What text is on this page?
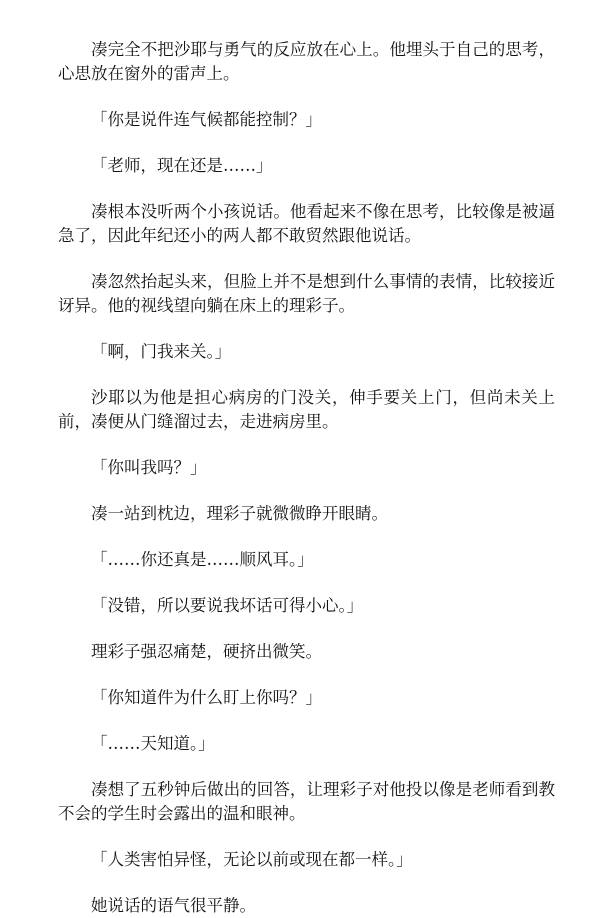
凑完全不把沙耶与勇气的反应放在心上。他埋头于自己的思考，心思放在窗外的雷声上。

「你是说件连气候都能控制？」

「老师，现在还是……」

凑根本没听两个小孩说话。他看起来不像在思考，比较像是被逼急了，因此年纪还小的两人都不敢贸然跟他说话。

凑忽然抬起头来，但脸上并不是想到什么事情的表情，比较接近讶异。他的视线望向躺在床上的理彩子。

「啊，门我来关。」

沙耶以为他是担心病房的门没关，伸手要关上门，但尚未关上前，凑便从门缝溜过去，走进病房里。

「你叫我吗？」

凑一站到枕边，理彩子就微微睁开眼睛。

「……你还真是……顺风耳。」

「没错，所以要说我坏话可得小心。」

理彩子强忍痛楚，硬挤出微笑。

「你知道件为什么盯上你吗？」

「……天知道。」

凑想了五秒钟后做出的回答，让理彩子对他投以像是老师看到教不会的学生时会露出的温和眼神。

「人类害怕异怪，无论以前或现在都一样。」

她说话的语气很平静。
